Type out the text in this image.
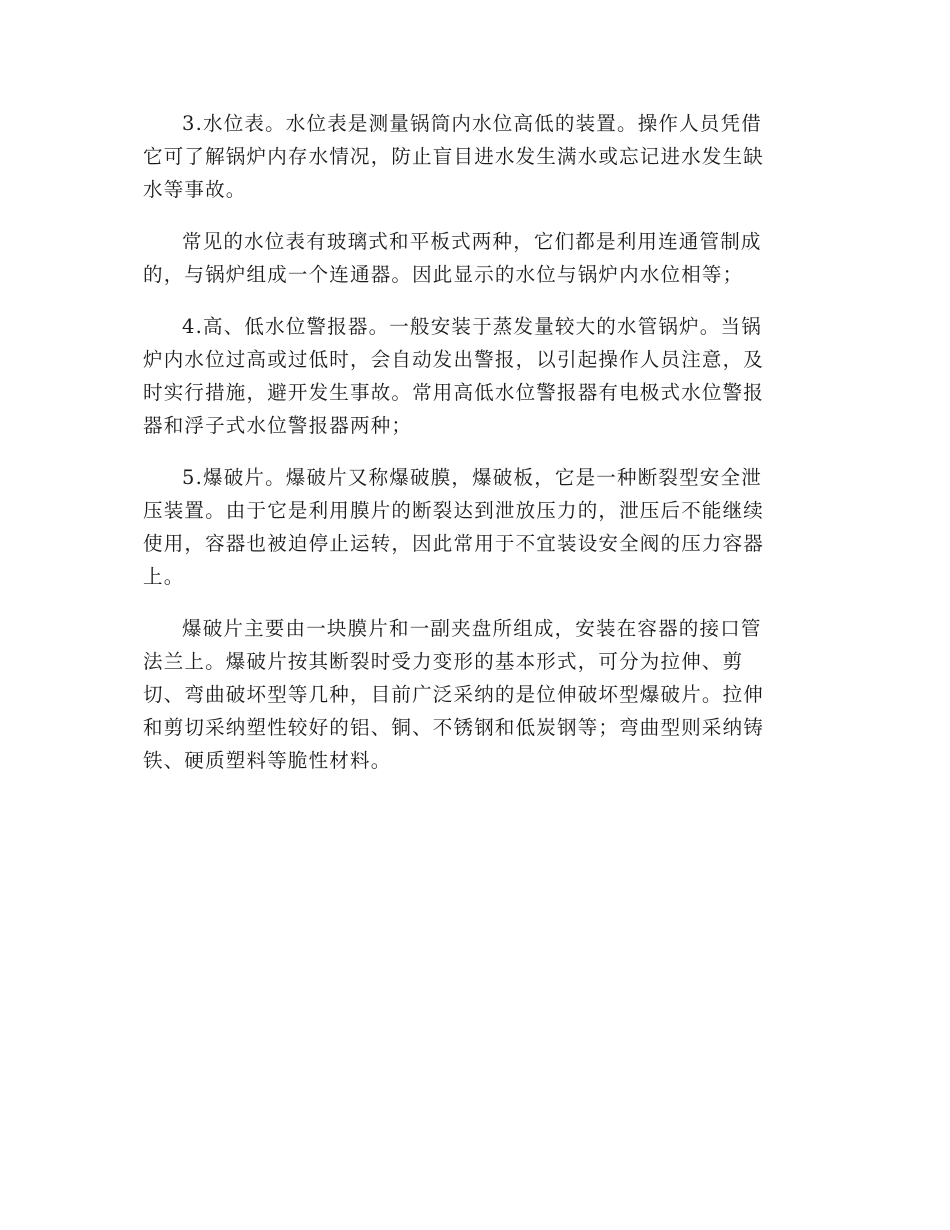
3.水位表。水位表是测量锅筒内水位高低的装置。操作人员凭借
它可了解锅炉内存水情况，防止盲目进水发生满水或忘记进水发生缺
水等事故。
常见的水位表有玻璃式和平板式两种，它们都是利用连通管制成
的，与锅炉组成一个连通器。因此显示的水位与锅炉内水位相等；
4.高、低水位警报器。一般安装于蒸发量较大的水管锅炉。当锅
炉内水位过高或过低时，会自动发出警报，以引起操作人员注意，及
时实行措施，避开发生事故。常用高低水位警报器有电极式水位警报
器和浮子式水位警报器两种；
5.爆破片。爆破片又称爆破膜，爆破板，它是一种断裂型安全泄
压装置。由于它是利用膜片的断裂达到泄放压力的，泄压后不能继续
使用，容器也被迫停止运转，因此常用于不宜装设安全阀的压力容器
上。
爆破片主要由一块膜片和一副夹盘所组成，安装在容器的接口管
法兰上。爆破片按其断裂时受力变形的基本形式，可分为拉伸、剪
切、弯曲破坏型等几种，目前广泛采纳的是位伸破坏型爆破片。拉伸
和剪切采纳塑性较好的铝、铜、不锈钢和低炭钢等；弯曲型则采纳铸
铁、硬质塑料等脆性材料。
